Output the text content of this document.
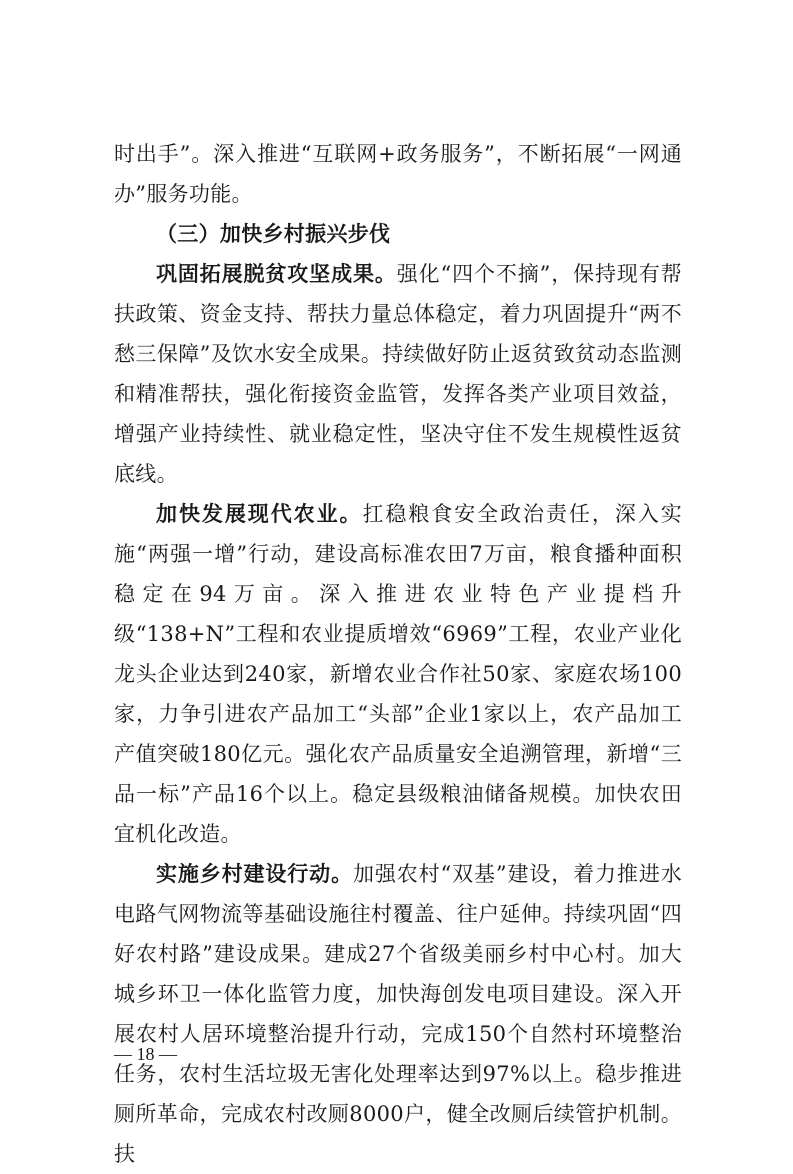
时出手”。深入推进“互联网+政务服务”，不断拓展“一网通办”服务功能。

（三）加快乡村振兴步伐

巩固拓展脱贫攻坚成果。强化“四个不摘”，保持现有帮扶政策、资金支持、帮扶力量总体稳定，着力巩固提升“两不愁三保障”及饮水安全成果。持续做好防止返贫致贫动态监测和精准帮扶，强化衔接资金监管，发挥各类产业项目效益，增强产业持续性、就业稳定性，坚决守住不发生规模性返贫底线。

加快发展现代农业。扛稳粮食安全政治责任，深入实施“两强一增”行动，建设高标准农田7万亩，粮食播种面积稳定在94万亩。深入推进农业特色产业提档升级“138+N”工程和农业提质增效“6969”工程，农业产业化龙头企业达到240家，新增农业合作社50家、家庭农场100家，力争引进农产品加工“头部”企业1家以上，农产品加工产值突破180亿元。强化农产品质量安全追溯管理，新增“三品一标”产品16个以上。稳定县级粮油储备规模。加快农田宜机化改造。

实施乡村建设行动。加强农村“双基”建设，着力推进水电路气网物流等基础设施往村覆盖、往户延伸。持续巩固“四好农村路”建设成果。建成27个省级美丽乡村中心村。加大城乡环卫一体化监管力度，加快海创发电项目建设。深入开展农村人居环境整治提升行动，完成150个自然村环境整治任务，农村生活垃圾无害化处理率达到97%以上。稳步推进厕所革命，完成农村改厕8000户，健全改厕后续管护机制。扶

— 18 —
